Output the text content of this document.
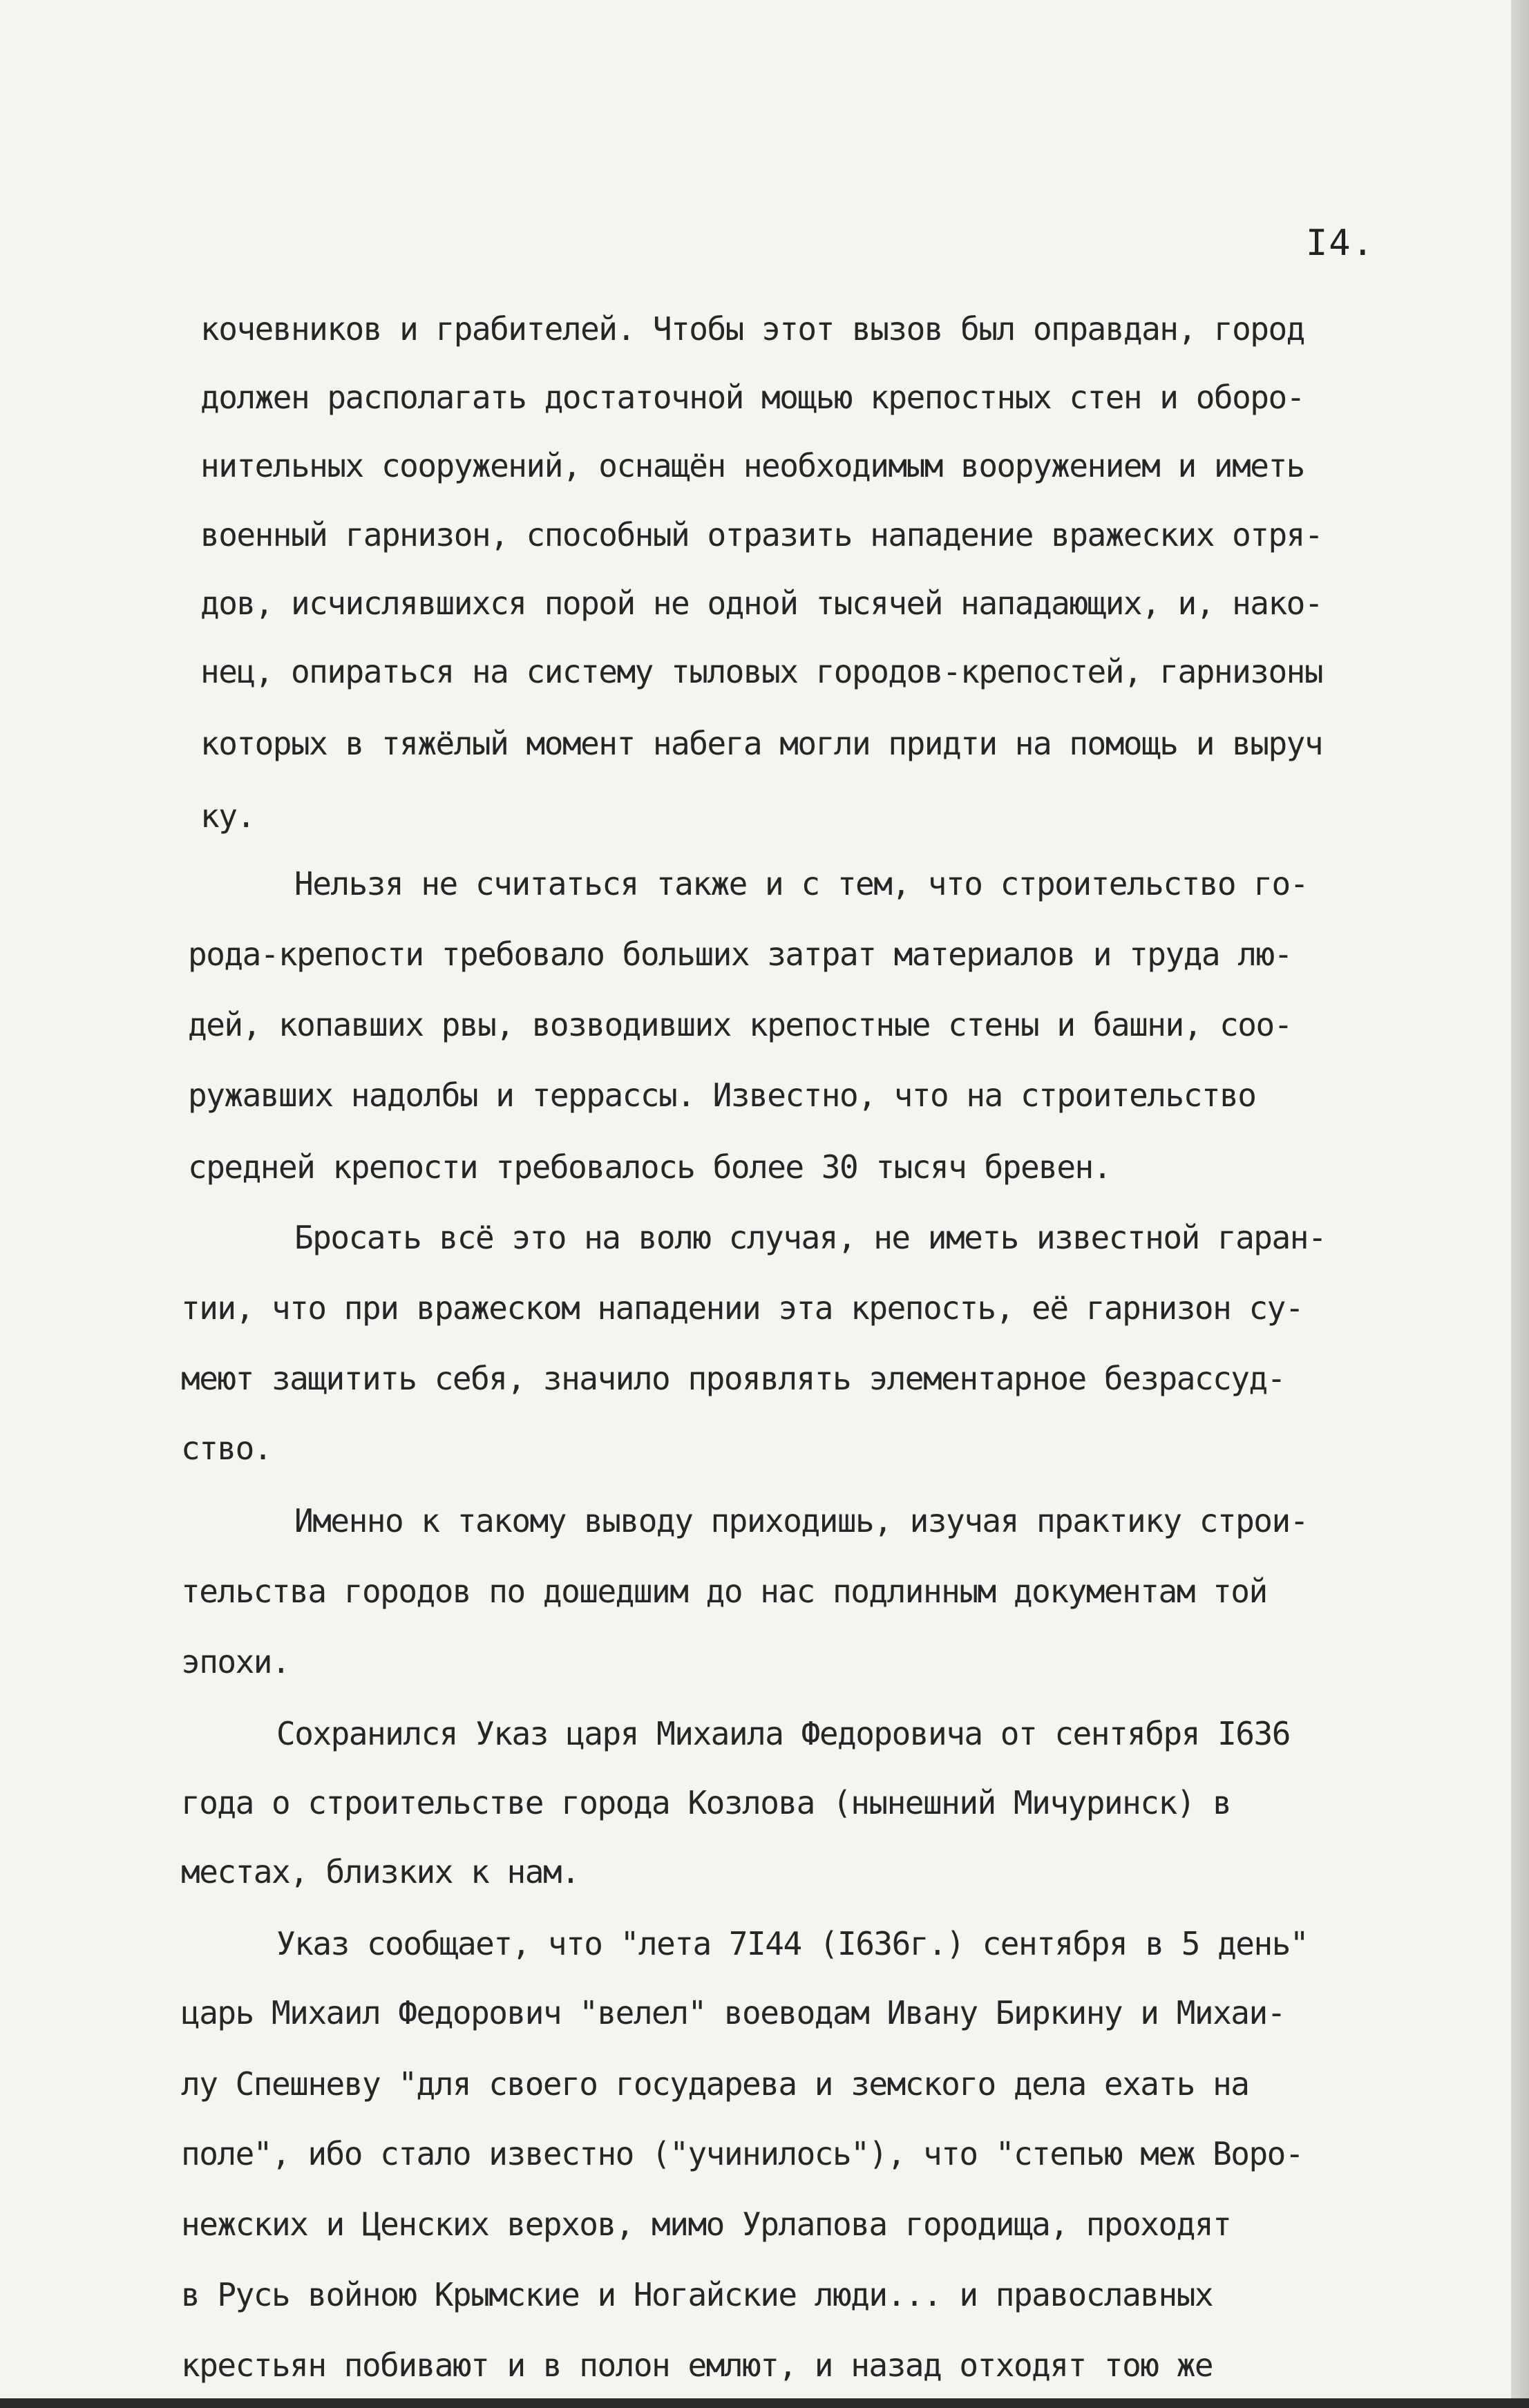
I4.
кочевников и грабителей. Чтобы этот вызов был оправдан, город
должен располагать достаточной мощью крепостных стен и оборо-
нительных сооружений, оснащён необходимым вооружением и иметь
военный гарнизон, способный отразить нападение вражеских отря-
дов, исчислявшихся порой не одной тысячей нападающих, и, нако-
нец, опираться на систему тыловых городов-крепостей, гарнизоны
которых в тяжёлый момент набега могли придти на помощь и выруч
ку.
Нельзя не считаться также и с тем, что строительство го-
рода-крепости требовало больших затрат материалов и труда лю-
дей, копавших рвы, возводивших крепостные стены и башни, соо-
ружавших надолбы и террассы. Известно, что на строительство
средней крепости требовалось более 30 тысяч бревен.
Бросать всё это на волю случая, не иметь известной гаран-
тии, что при вражеском нападении эта крепость, её гарнизон су-
меют защитить себя, значило проявлять элементарное безрассуд-
ство.
Именно к такому выводу приходишь, изучая практику строи-
тельства городов по дошедшим до нас подлинным документам той
эпохи.
Сохранился Указ царя Михаила Федоровича от сентября I636
года о строительстве города Козлова (нынешний Мичуринск) в
местах, близких к нам.
Указ сообщает, что "лета 7I44 (I636г.) сентября в 5 день"
царь Михаил Федорович "велел" воеводам Ивану Биркину и Михаи-
лу Спешневу "для своего государева и земского дела ехать на
поле", ибо стало известно ("учинилось"), что "степью меж Воро-
нежских и Ценских верхов, мимо Урлапова городища, проходят
в Русь войною Крымские и Ногайские люди... и православных
крестьян побивают и в полон емлют, и назад отходят тою же
